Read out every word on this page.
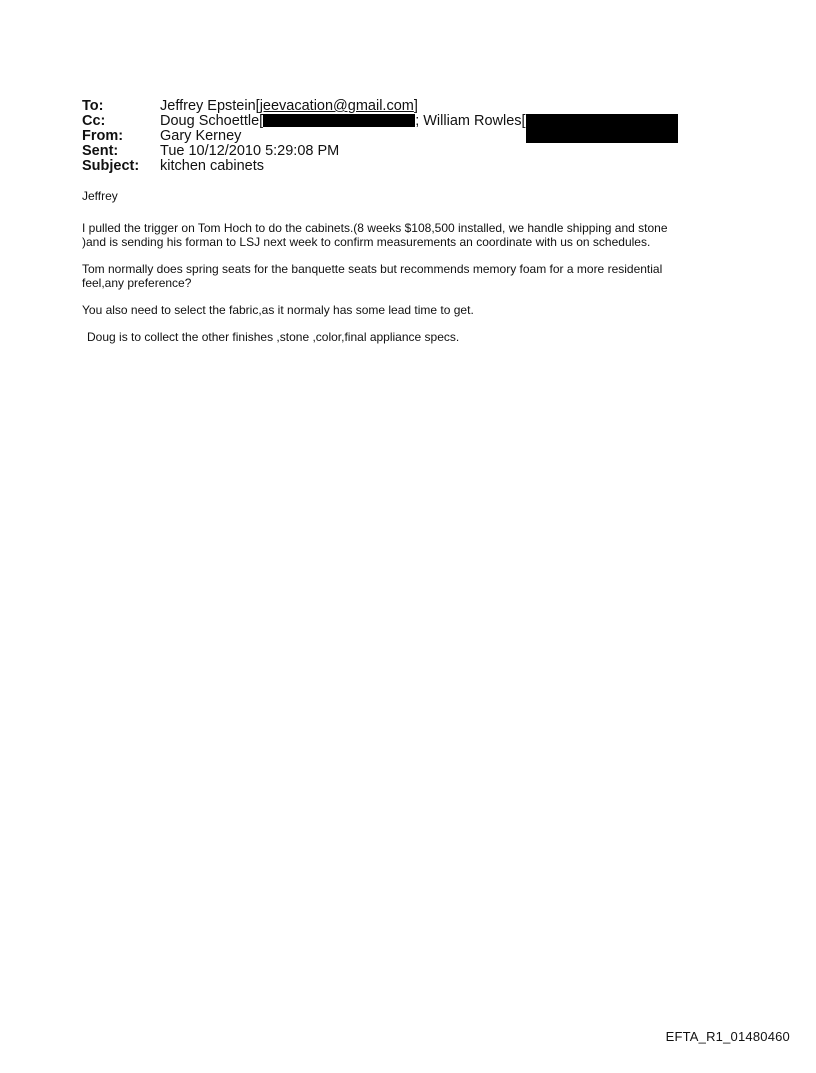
To:	Jeffrey Epstein[jeevacation@gmail.com]
Cc:	Doug Schoettle[	; William Rowles[
From:	Gary Kerney
Sent:	Tue 10/12/2010 5:29:08 PM
Subject:	kitchen cabinets

Jeffrey

I pulled the trigger on Tom Hoch to do the cabinets.(8 weeks $108,500 installed, we handle shipping and stone
)and is sending his forman to LSJ next week to confirm measurements an coordinate with us on schedules.

Tom normally does spring seats for the banquette seats but recommends memory foam for a more residential
feel,any preference?

You also need to select the fabric,as it normaly has some lead time to get.

Doug is to collect the other finishes ,stone ,color,final appliance specs.

EFTA_R1_01480460
